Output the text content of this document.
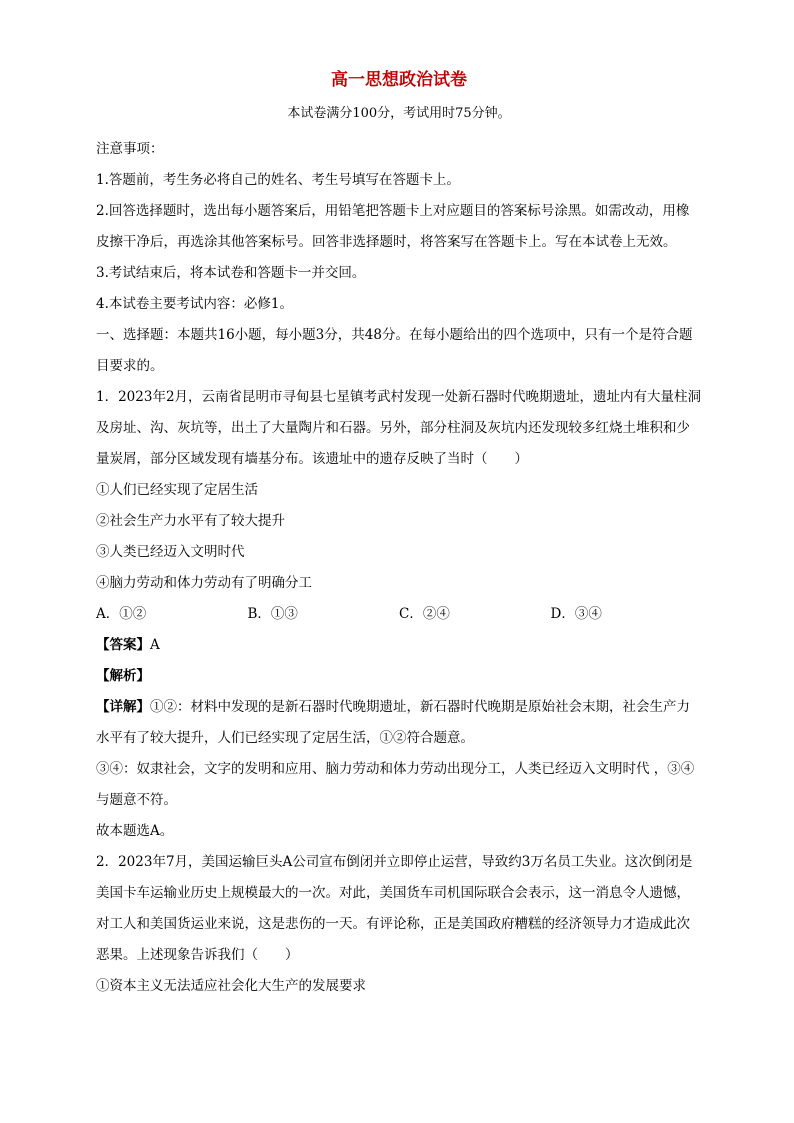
高一思想政治试卷
本试卷满分100分，考试用时75分钟。

注意事项：

1.答题前，考生务必将自己的姓名、考生号填写在答题卡上。

2.回答选择题时，选出每小题答案后，用铅笔把答题卡上对应题目的答案标号涂黑。如需改动，用橡皮擦干净后，再选涂其他答案标号。回答非选择题时，将答案写在答题卡上。写在本试卷上无效。

3.考试结束后，将本试卷和答题卡一并交回。

4.本试卷主要考试内容：必修1。

一、选择题：本题共16小题，每小题3分，共48分。在每小题给出的四个选项中，只有一个是符合题目要求的。

1．2023年2月，云南省昆明市寻甸县七星镇考武村发现一处新石器时代晚期遗址，遗址内有大量柱洞及房址、沟、灰坑等，出土了大量陶片和石器。另外，部分柱洞及灰坑内还发现较多红烧土堆积和少量炭屑，部分区域发现有墙基分布。该遗址中的遗存反映了当时（　　）

①人们已经实现了定居生活

②社会生产力水平有了较大提升

③人类已经迈入文明时代

④脑力劳动和体力劳动有了明确分工

A．①②	B．①③	C．②④	D．③④

【答案】A

【解析】

【详解】①②：材料中发现的是新石器时代晚期遗址，新石器时代晚期是原始社会末期，社会生产力水平有了较大提升，人们已经实现了定居生活，①②符合题意。

③④：奴隶社会，文字的发明和应用、脑力劳动和体力劳动出现分工，人类已经迈入文明时代 ，③④与题意不符。

故本题选A。

2．2023年7月，美国运输巨头A公司宣布倒闭并立即停止运营，导致约3万名员工失业。这次倒闭是美国卡车运输业历史上规模最大的一次。对此，美国货车司机国际联合会表示，这一消息令人遗憾，对工人和美国货运业来说，这是悲伤的一天。有评论称，正是美国政府糟糕的经济领导力才造成此次恶果。上述现象告诉我们（　　）

①资本主义无法适应社会化大生产的发展要求
